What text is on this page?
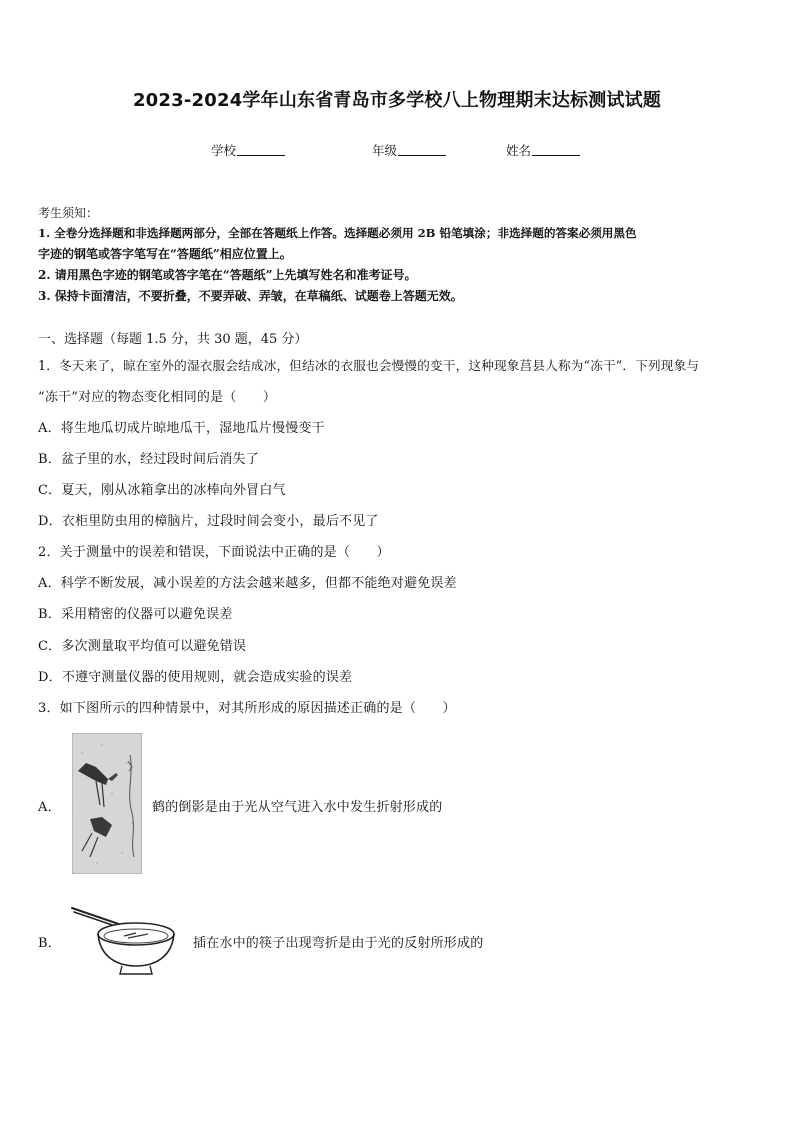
2023-2024学年山东省青岛市多学校八上物理期末达标测试试题
学校	年级	姓名
考生须知：
1. 全卷分选择题和非选择题两部分，全部在答题纸上作答。选择题必须用 2B 铅笔填涂；非选择题的答案必须用黑色
字迹的钢笔或答字笔写在“答题纸”相应位置上。
2. 请用黑色字迹的钢笔或答字笔在“答题纸”上先填写姓名和准考证号。
3. 保持卡面清洁，不要折叠，不要弄破、弄皱，在草稿纸、试题卷上答题无效。
一、选择题（每题 1.5 分，共 30 题，45 分）
1．冬天来了，晾在室外的湿衣服会结成冰，但结冰的衣服也会慢慢的变干，这种现象莒县人称为“冻干”．下列现象与
“冻干”对应的物态变化相同的是（　　）
A．将生地瓜切成片晾地瓜干，湿地瓜片慢慢变干
B．盆子里的水，经过段时间后消失了
C．夏天，刚从冰箱拿出的冰棒向外冒白气
D．衣柜里防虫用的樟脑片，过段时间会变小，最后不见了
2．关于测量中的误差和错误，下面说法中正确的是（　　）
A．科学不断发展，减小误差的方法会越来越多，但都不能绝对避免误差
B．采用精密的仪器可以避免误差
C．多次测量取平均值可以避免错误
D．不遵守测量仪器的使用规则，就会造成实验的误差
3．如下图所示的四种情景中，对其所形成的原因描述正确的是（　　）
A．	鹤的倒影是由于光从空气进入水中发生折射形成的
B．	插在水中的筷子出现弯折是由于光的反射所形成的
